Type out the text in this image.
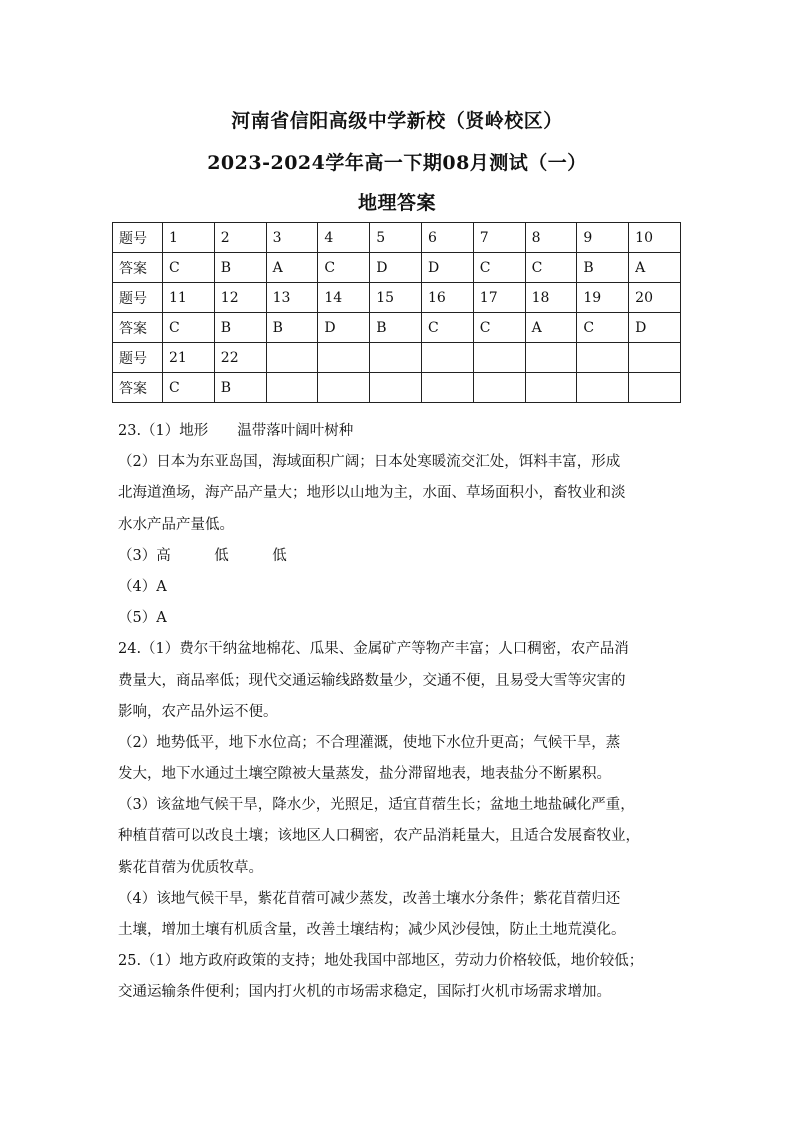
河南省信阳高级中学新校（贤岭校区）
2023-2024学年高一下期08月测试（一）
地理答案
题号	1	2	3	4	5	6	7	8	9	10
答案	C	B	A	C	D	D	C	C	B	A
题号	11	12	13	14	15	16	17	18	19	20
答案	C	B	B	D	B	C	C	A	C	D
题号	21	22								
答案	C	B								
23.（1）地形　　温带落叶阔叶树种
（2）日本为东亚岛国，海域面积广阔；日本处寒暖流交汇处，饵料丰富，形成
北海道渔场，海产品产量大；地形以山地为主，水面、草场面积小，畜牧业和淡
水水产品产量低。
（3）高　　　低　　　低
（4）A
（5）A
24.（1）费尔干纳盆地棉花、瓜果、金属矿产等物产丰富；人口稠密，农产品消
费量大，商品率低；现代交通运输线路数量少，交通不便，且易受大雪等灾害的
影响，农产品外运不便。
（2）地势低平，地下水位高；不合理灌溉，使地下水位升更高；气候干旱，蒸
发大，地下水通过土壤空隙被大量蒸发，盐分滞留地表，地表盐分不断累积。
（3）该盆地气候干旱，降水少，光照足，适宜苜蓿生长；盆地土地盐碱化严重，
种植苜蓿可以改良土壤；该地区人口稠密，农产品消耗量大，且适合发展畜牧业，
紫花苜蓿为优质牧草。
（4）该地气候干旱，紫花苜蓿可减少蒸发，改善土壤水分条件；紫花苜蓿归还
土壤，增加土壤有机质含量，改善土壤结构；减少风沙侵蚀，防止土地荒漠化。
25.（1）地方政府政策的支持；地处我国中部地区，劳动力价格较低，地价较低；
交通运输条件便利；国内打火机的市场需求稳定，国际打火机市场需求增加。
